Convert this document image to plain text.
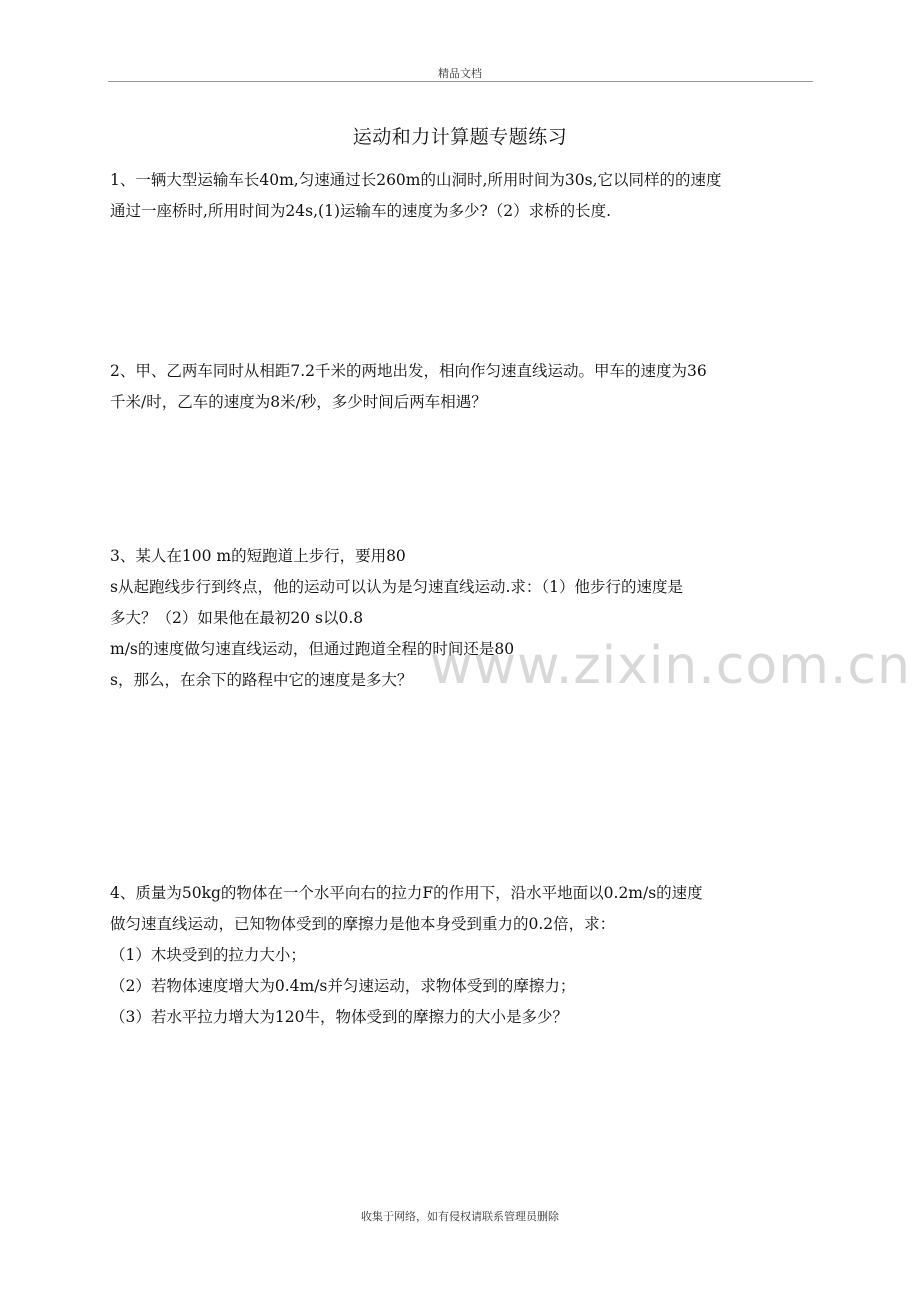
精品文档
www.zixin.com.cn
运动和力计算题专题练习
1、一辆大型运输车长40m,匀速通过长260m的山洞时,所用时间为30s,它以同样的的速度
通过一座桥时,所用时间为24s,(1)运输车的速度为多少?（2）求桥的长度.
2、甲、乙两车同时从相距7.2千米的两地出发，相向作匀速直线运动。甲车的速度为36
千米/时，乙车的速度为8米/秒，多少时间后两车相遇？
3、某人在100 m的短跑道上步行，要用80
s从起跑线步行到终点，他的运动可以认为是匀速直线运动.求：（1）他步行的速度是
多大？（2）如果他在最初20 s以0.8
m/s的速度做匀速直线运动，但通过跑道全程的时间还是80
s，那么，在余下的路程中它的速度是多大？
4、质量为50kg的物体在一个水平向右的拉力F的作用下，沿水平地面以0.2m/s的速度
做匀速直线运动，已知物体受到的摩擦力是他本身受到重力的0.2倍，求：
（1）木块受到的拉力大小；
（2）若物体速度增大为0.4m/s并匀速运动，求物体受到的摩擦力；
（3）若水平拉力增大为120牛，物体受到的摩擦力的大小是多少？
收集于网络，如有侵权请联系管理员删除
